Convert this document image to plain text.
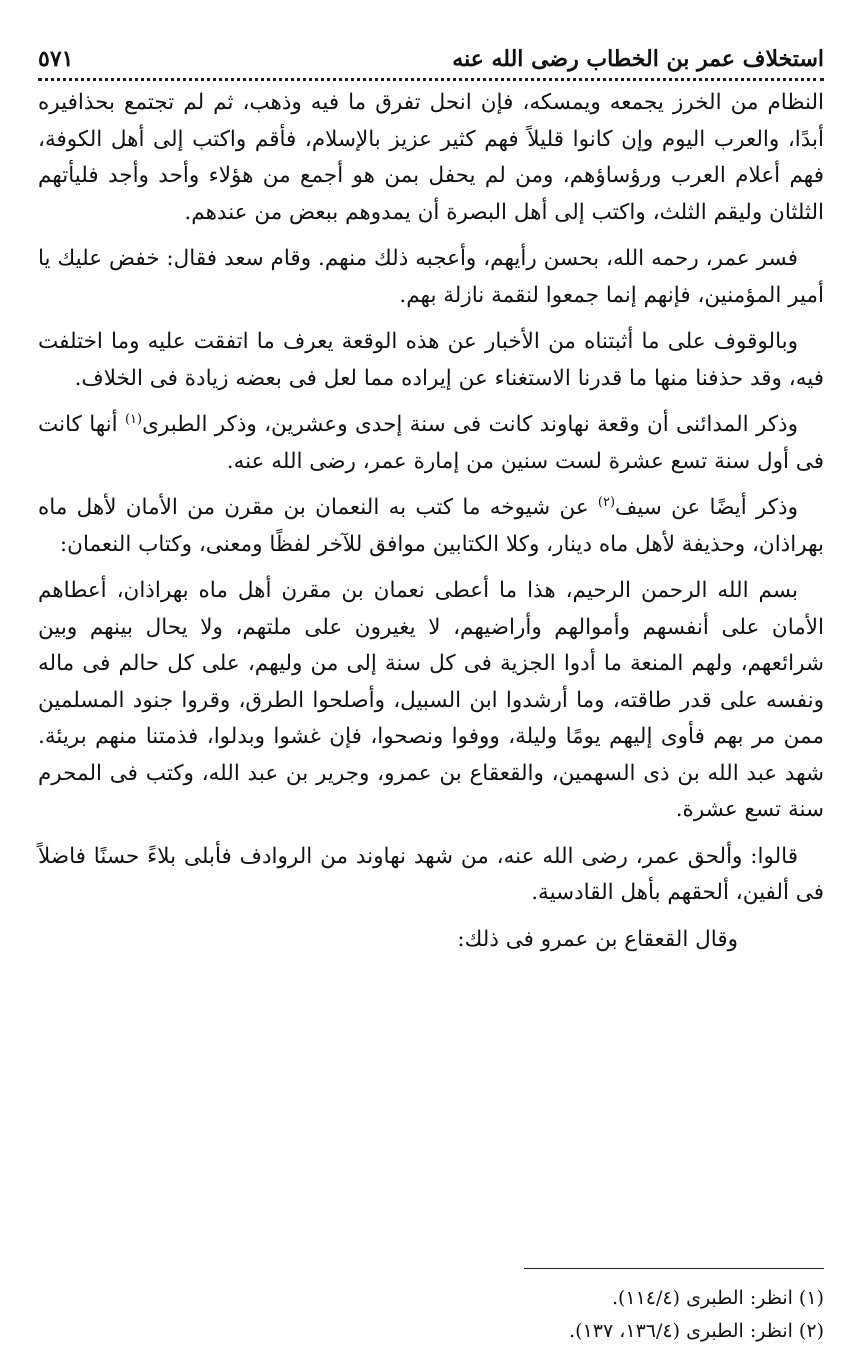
استخلاف عمر بن الخطاب رضى الله عنه
٥٧١

النظام من الخرز يجمعه ويمسكه، فإن انحل تفرق ما فيه وذهب، ثم لم تجتمع بحذافيره أبدًا، والعرب اليوم وإن كانوا قليلاً فهم كثير عزيز بالإسلام، فأقم واكتب إلى أهل الكوفة، فهم أعلام العرب ورؤساؤهم، ومن لم يحفل بمن هو أجمع من هؤلاء وأحد وأجد فليأتهم الثلثان وليقم الثلث، واكتب إلى أهل البصرة أن يمدوهم ببعض من عندهم.

فسر عمر، رحمه الله، بحسن رأيهم، وأعجبه ذلك منهم. وقام سعد فقال: خفض عليك يا أمير المؤمنين، فإنهم إنما جمعوا لنقمة نازلة بهم.

وبالوقوف على ما أثبتناه من الأخبار عن هذه الوقعة يعرف ما اتفقت عليه وما اختلفت فيه، وقد حذفنا منها ما قدرنا الاستغناء عن إيراده مما لعل فى بعضه زيادة فى الخلاف.

وذكر المدائنى أن وقعة نهاوند كانت فى سنة إحدى وعشرين، وذكر الطبرى$^{(١)}$ أنها كانت فى أول سنة تسع عشرة لست سنين من إمارة عمر، رضى الله عنه.

وذكر أيضًا عن سيف$^{(٢)}$ عن شيوخه ما كتب به النعمان بن مقرن من الأمان لأهل ماه بهراذان، وحذيفة لأهل ماه دينار، وكلا الكتابين موافق للآخر لفظًا ومعنى، وكتاب النعمان:

بسم الله الرحمن الرحيم، هذا ما أعطى نعمان بن مقرن أهل ماه بهراذان، أعطاهم الأمان على أنفسهم وأموالهم وأراضيهم، لا يغيرون على ملتهم، ولا يحال بينهم وبين شرائعهم، ولهم المنعة ما أدوا الجزية فى كل سنة إلى من وليهم، على كل حالم فى ماله ونفسه على قدر طاقته، وما أرشدوا ابن السبيل، وأصلحوا الطرق، وقروا جنود المسلمين ممن مر بهم فأوى إليهم يومًا وليلة، ووفوا ونصحوا، فإن غشوا وبدلوا، فذمتنا منهم بريئة. شهد عبد الله بن ذى السهمين، والقعقاع بن عمرو، وجرير بن عبد الله، وكتب فى المحرم سنة تسع عشرة.

قالوا: وألحق عمر، رضى الله عنه، من شهد نهاوند من الروادف فأبلى بلاءً حسنًا فاضلاً فى ألفين، ألحقهم بأهل القادسية.

وقال القعقاع بن عمرو فى ذلك:

(١) انظر: الطبرى (١١٤/٤).

(٢) انظر: الطبرى (١٣٦/٤، ١٣٧).
